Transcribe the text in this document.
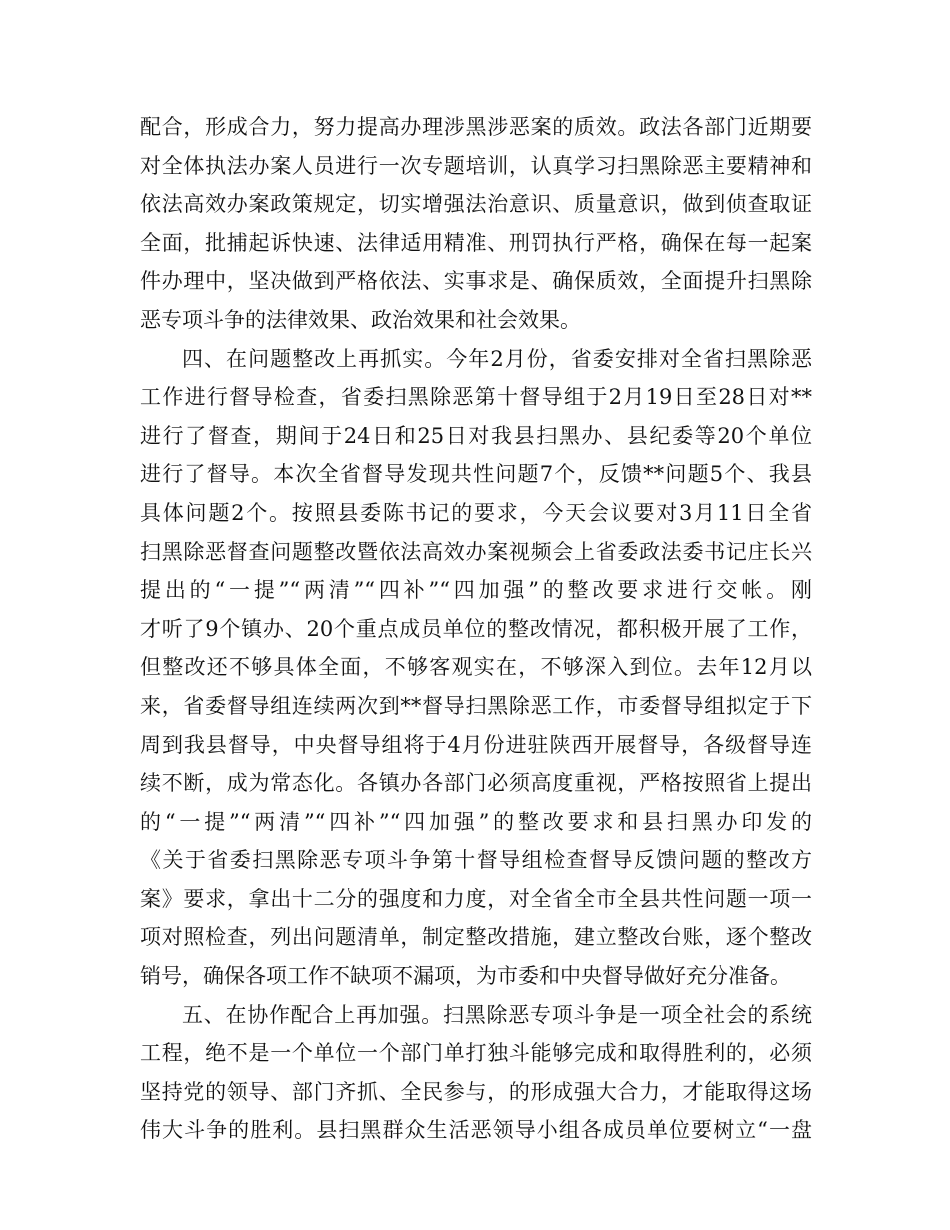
配合，形成合力，努力提高办理涉黑涉恶案的质效。政法各部门近期要
对全体执法办案人员进行一次专题培训，认真学习扫黑除恶主要精神和
依法高效办案政策规定，切实增强法治意识、质量意识，做到侦查取证
全面，批捕起诉快速、法律适用精准、刑罚执行严格，确保在每一起案
件办理中，坚决做到严格依法、实事求是、确保质效，全面提升扫黑除
恶专项斗争的法律效果、政治效果和社会效果。
四、在问题整改上再抓实。今年2月份，省委安排对全省扫黑除恶
工作进行督导检查，省委扫黑除恶第十督导组于2月19日至28日对**
进行了督查，期间于24日和25日对我县扫黑办、县纪委等20个单位
进行了督导。本次全省督导发现共性问题7个，反馈**问题5个、我县
具体问题2个。按照县委陈书记的要求，今天会议要对3月11日全省
扫黑除恶督查问题整改暨依法高效办案视频会上省委政法委书记庄长兴
提出的“一提”“两清”“四补”“四加强”的整改要求进行交帐。刚
才听了9个镇办、20个重点成员单位的整改情况，都积极开展了工作，
但整改还不够具体全面，不够客观实在，不够深入到位。去年12月以
来，省委督导组连续两次到**督导扫黑除恶工作，市委督导组拟定于下
周到我县督导，中央督导组将于4月份进驻陕西开展督导，各级督导连
续不断，成为常态化。各镇办各部门必须高度重视，严格按照省上提出
的“一提”“两清”“四补”“四加强”的整改要求和县扫黑办印发的
《关于省委扫黑除恶专项斗争第十督导组检查督导反馈问题的整改方
案》要求，拿出十二分的强度和力度，对全省全市全县共性问题一项一
项对照检查，列出问题清单，制定整改措施，建立整改台账，逐个整改
销号，确保各项工作不缺项不漏项，为市委和中央督导做好充分准备。
五、在协作配合上再加强。扫黑除恶专项斗争是一项全社会的系统
工程，绝不是一个单位一个部门单打独斗能够完成和取得胜利的，必须
坚持党的领导、部门齐抓、全民参与，的形成强大合力，才能取得这场
伟大斗争的胜利。县扫黑群众生活恶领导小组各成员单位要树立“一盘
